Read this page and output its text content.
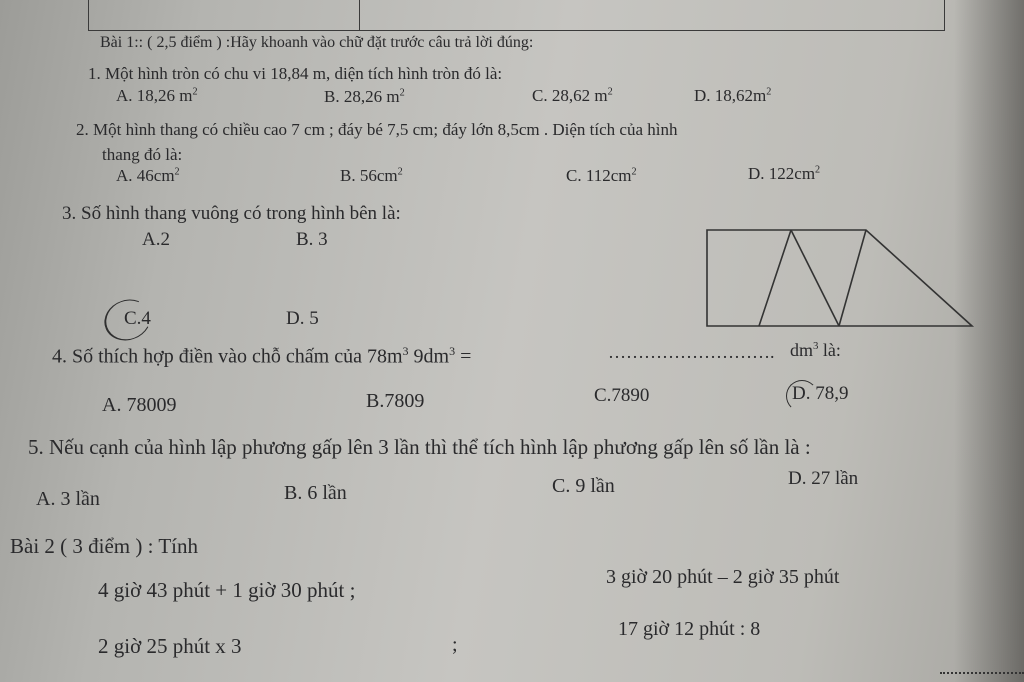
Bài 1:: ( 2,5 điểm ) :Hãy khoanh vào chữ đặt trước câu trả lời đúng:
1. Một hình tròn có chu vi 18,84 m, diện tích hình tròn đó là:
A. 18,26 $m^2$	B. 28,26 $m^2$	C. 28,62 $m^2$	D. $18,62m^2$
2. Một hình thang có chiều cao 7 cm ; đáy bé 7,5 cm; đáy lớn 8,5cm . Diện tích của hình
thang đó là:
A. $46cm^2$	B. $56cm^2$	C. $112cm^2$	D. $122cm^2$
3. Số hình thang vuông có trong hình bên là:
A.2	B. 3
C.4	D. 5
4. Số thích hợp điền vào chỗ chấm của $78m^3$ $9dm^3$ =	………………………. $dm^3$ là:
A. 78009	B.7809	C.7890	D. 78,9
5. Nếu cạnh của hình lập phương gấp lên 3 lần thì thể tích hình lập phương gấp lên số lần là :
A. 3 lần	B. 6 lần	C. 9 lần	D. 27 lần
Bài 2 ( 3 điểm ) : Tính
4 giờ 43 phút + 1 giờ 30 phút ;
3 giờ 20 phút – 2 giờ 35 phút
2 giờ 25 phút x 3	;
17 giờ 12 phút : 8
